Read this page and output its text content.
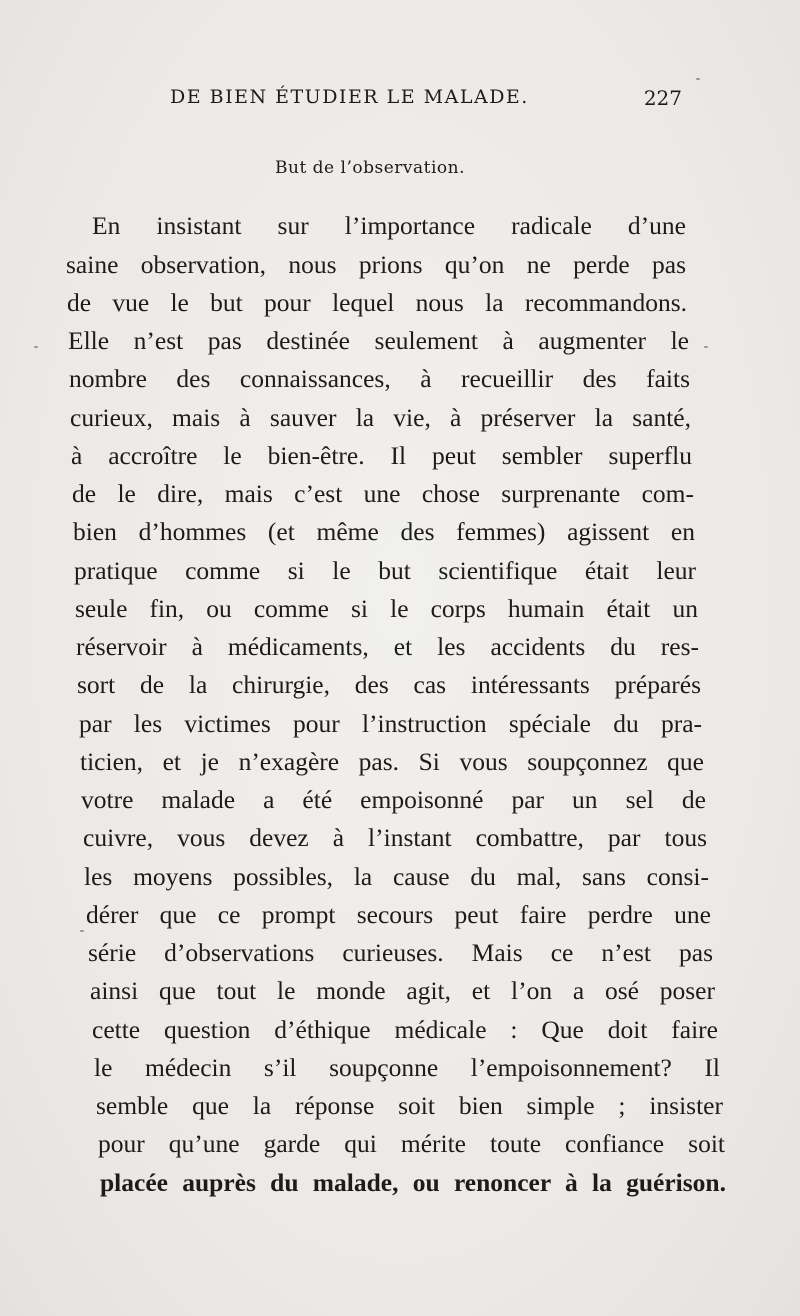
DE BIEN ÉTUDIER LE MALADE.	227
But de l’observation.
En insistant sur l’importance radicale d’une
saine observation, nous prions qu’on ne perde pas
de vue le but pour lequel nous la recommandons.
Elle n’est pas destinée seulement à augmenter le
nombre des connaissances, à recueillir des faits
curieux, mais à sauver la vie, à préserver la santé,
à accroître le bien-être. Il peut sembler superflu
de le dire, mais c’est une chose surprenante com-
bien d’hommes (et même des femmes) agissent en
pratique comme si le but scientifique était leur
seule fin, ou comme si le corps humain était un
réservoir à médicaments, et les accidents du res-
sort de la chirurgie, des cas intéressants préparés
par les victimes pour l’instruction spéciale du pra-
ticien, et je n’exagère pas. Si vous soupçonnez que
votre malade a été empoisonné par un sel de
cuivre, vous devez à l’instant combattre, par tous
les moyens possibles, la cause du mal, sans consi-
dérer que ce prompt secours peut faire perdre une
série d’observations curieuses. Mais ce n’est pas
ainsi que tout le monde agit, et l’on a osé poser
cette question d’éthique médicale : Que doit faire
le médecin s’il soupçonne l’empoisonnement? Il
semble que la réponse soit bien simple ; insister
pour qu’une garde qui mérite toute confiance soit
placée auprès du malade, ou renoncer à la guérison.
